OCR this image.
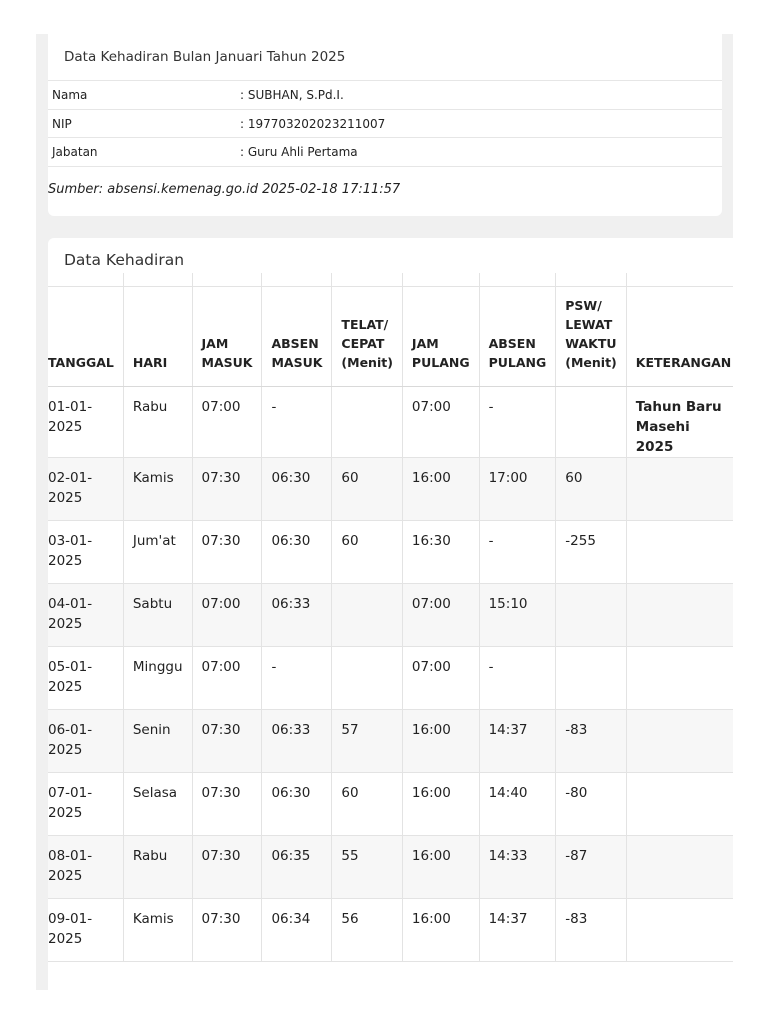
Data Kehadiran Bulan Januari Tahun 2025
Nama	: SUBHAN, S.Pd.I.
NIP	: 197703202023211007
Jabatan	: Guru Ahli Pertama
Sumber: absensi.kemenag.go.id 2025-02-18 17:11:57
Data Kehadiran

TANGGAL	HARI	JAM MASUK	ABSEN MASUK	TELAT/ CEPAT (Menit)	JAM PULANG	ABSEN PULANG	PSW/ LEWAT WAKTU (Menit)	KETERANGAN
01-01-2025	Rabu	07:00	-		07:00	-		Tahun Baru Masehi 2025
02-01-2025	Kamis	07:30	06:30	60	16:00	17:00	60	
03-01-2025	Jum'at	07:30	06:30	60	16:30	-	-255	
04-01-2025	Sabtu	07:00	06:33		07:00	15:10		
05-01-2025	Minggu	07:00	-		07:00	-		
06-01-2025	Senin	07:30	06:33	57	16:00	14:37	-83	
07-01-2025	Selasa	07:30	06:30	60	16:00	14:40	-80	
08-01-2025	Rabu	07:30	06:35	55	16:00	14:33	-87	
09-01-2025	Kamis	07:30	06:34	56	16:00	14:37	-83	
